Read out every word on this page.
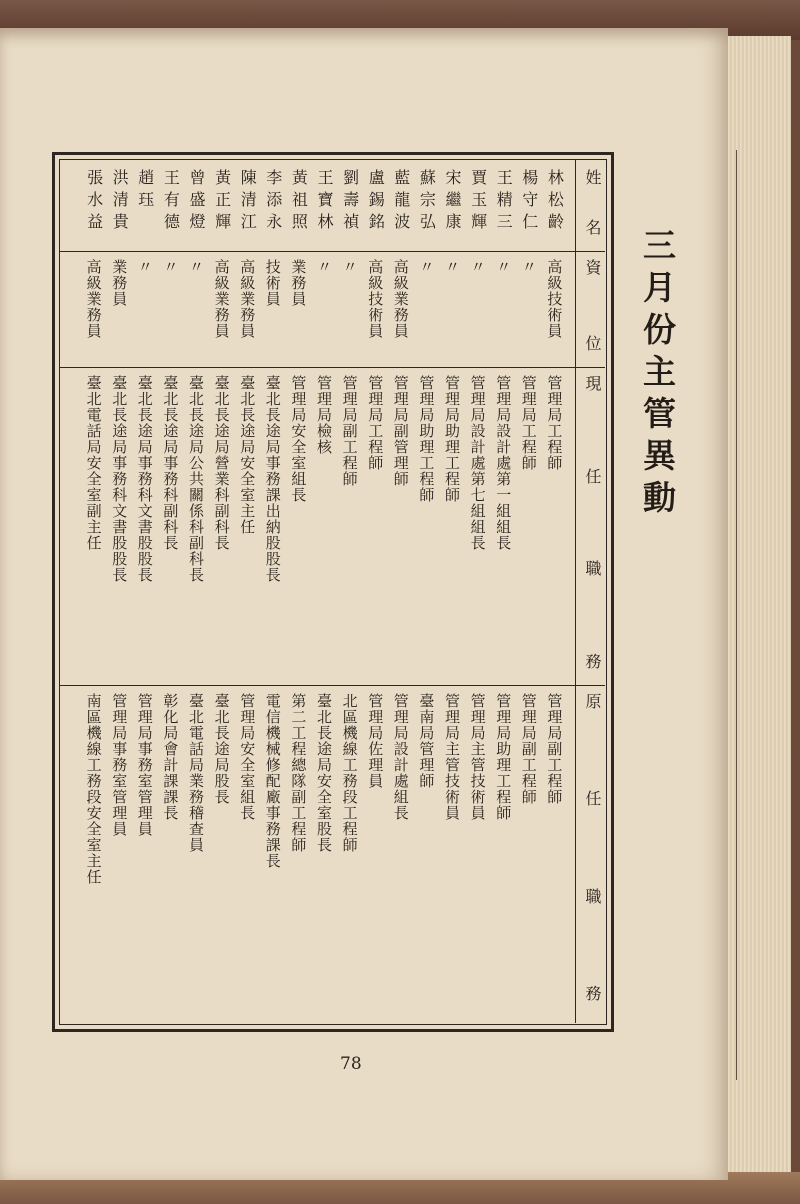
三月份主管異動
姓
名
資
位
現
任
職
務
原
任
職
務
林松齡
高級技術員
管理局工程師
管理局副工程師
楊守仁
〃
管理局工程師
管理局副工程師
王精三
〃
管理局設計處第一組組長
管理局助理工程師
賈玉輝
〃
管理局設計處第七組組長
管理局主管技術員
宋繼康
〃
管理局助理工程師
管理局主管技術員
蘇宗弘
〃
管理局助理工程師
臺南局管理師
藍龍波
高級業務員
管理局副管理師
管理局設計處組長
盧錫銘
高級技術員
管理局工程師
管理局佐理員
劉壽禎
〃
管理局副工程師
北區機線工務段工程師
王寶林
〃
管理局檢核
臺北長途局安全室股長
黃祖照
業務員
管理局安全室組長
第二工程總隊副工程師
李添永
技術員
臺北長途局事務課出納股股長
電信機械修配廠事務課長
陳清江
高級業務員
臺北長途局安全室主任
管理局安全室組長
黃正輝
高級業務員
臺北長途局營業科副科長
臺北長途局股長
曾盛燈
〃
臺北長途局公共關係科副科長
臺北電話局業務稽查員
王有德
〃
臺北長途局事務科副科長
彰化局會計課課長
趙珏
〃
臺北長途局事務科文書股股長
管理局事務室管理員
洪清貴
業務員
臺北長途局事務科文書股股長
管理局事務室管理員
張水益
高級業務員
臺北電話局安全室副主任
南區機線工務段安全室主任
78
